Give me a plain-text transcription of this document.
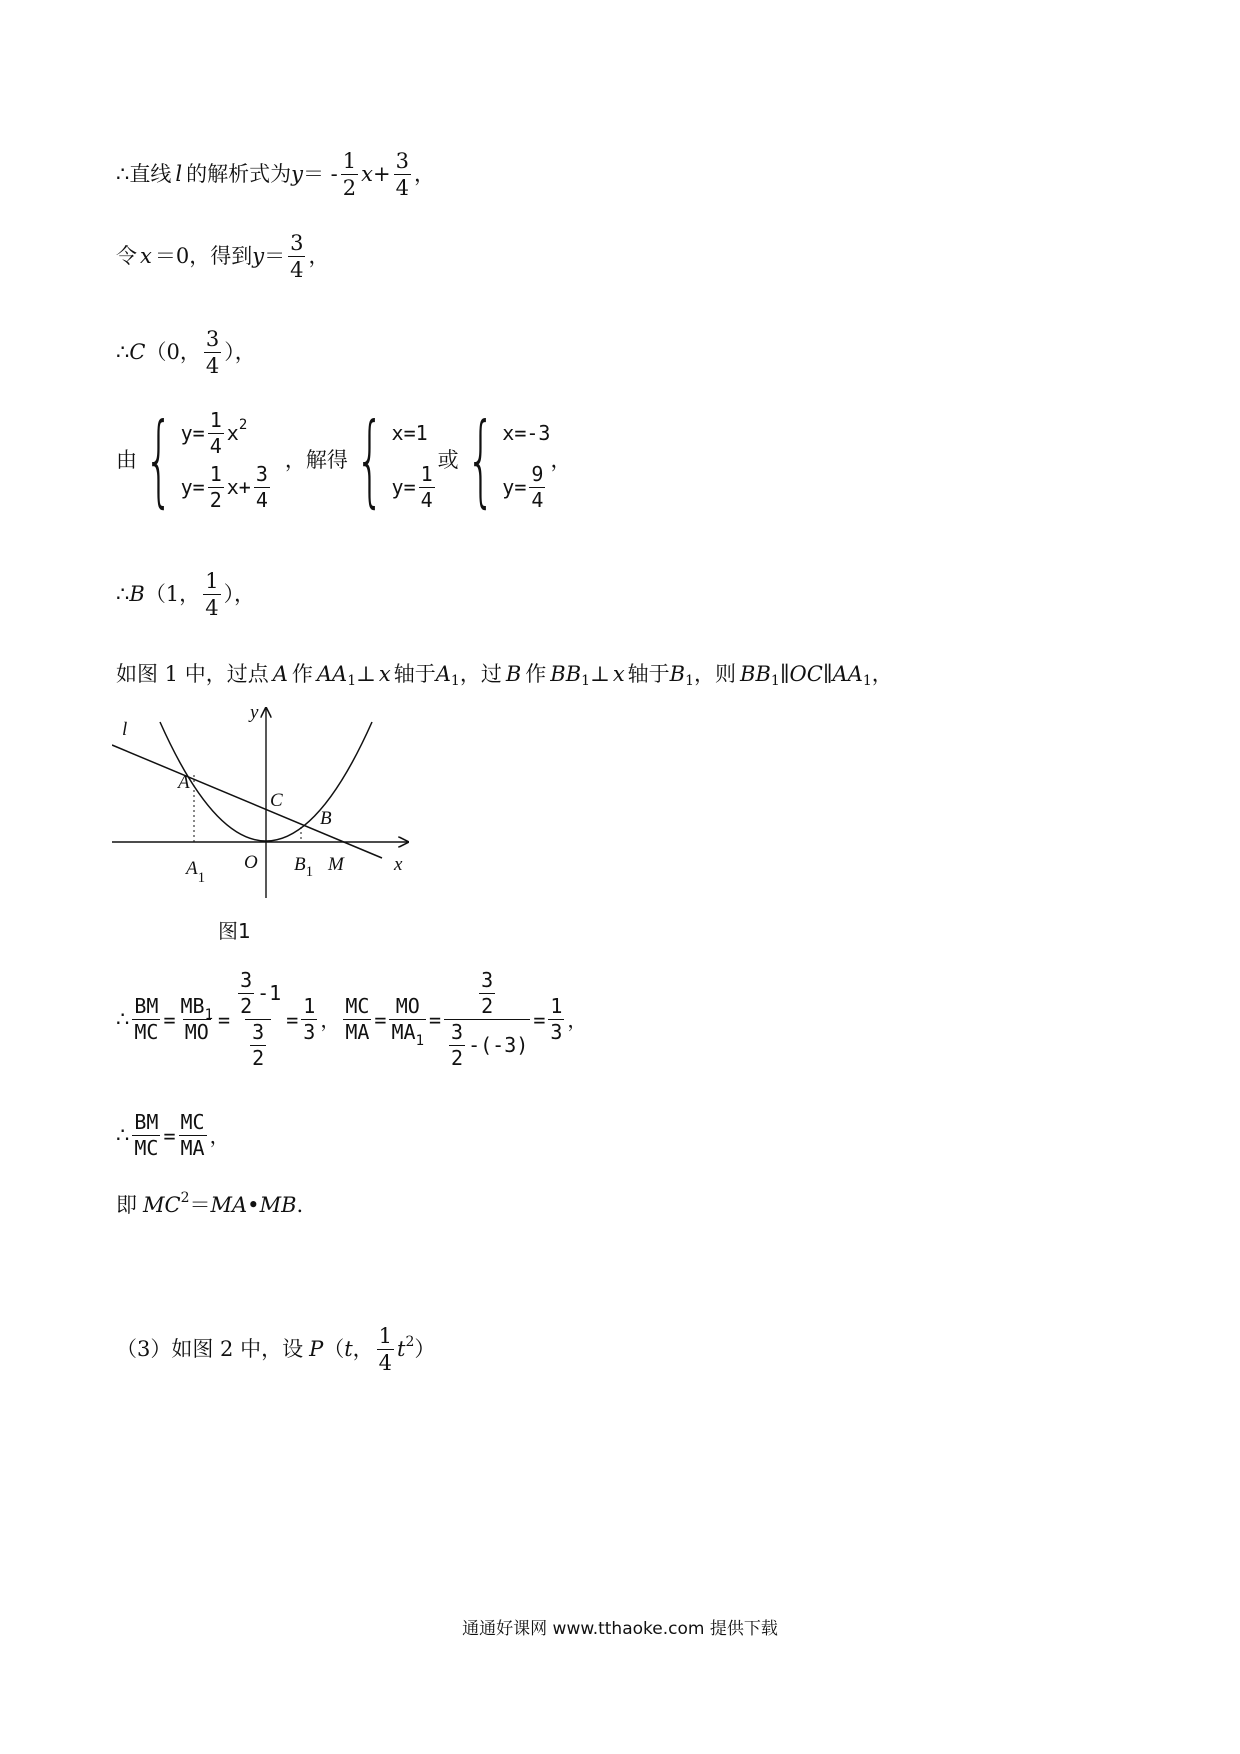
∴ 直线 l 的解析式为 y ＝ - $\frac{1}{2}$ $x + \frac{3}{4}$ ，
令 x ＝0，得到 $y = \frac{3}{4}$ ，
∴ C （0， $\frac{3}{4}$ ），
由 { $y= \frac{1}{4}$ x 2
$y= \frac{1}{2} x+ \frac{3}{4}$
，解得 { x=1
$y= \frac{1}{4}$
或 { x=-3
$y= \frac{9}{4}$
，
∴ B （1， $\frac{1}{4}$ ），
如图 1 中，过点 A 作 AA 1 ⊥ x 轴于 A 1 ，过 B 作 BB 1 ⊥ x 轴于 B 1 ，则 BB 1 ∥ OC ∥ AA 1 ，
l
y
x
A
C
B
O
$A_1$
$B_1$ M
图1
∴ $\frac{BM}{MC} = \frac{MB_1}{MO} = \frac{\frac{3}{2} -1}{\frac{3}{2}} = \frac{1}{3}$ ， $\frac{MC}{MA} = \frac{MO}{MA_1} = \frac{\frac{3}{2}}{\frac{3}{2} -(-3)} = \frac{1}{3}$ ，
∴ $\frac{BM}{MC} = \frac{MC}{MA}$ ，
即 MC 2 ＝ MA • MB .
（3）如图 2 中，设 P （ t ， $\frac{1}{4}$ t 2 ）
通通好课网 www.tthaoke.com 提供下载
